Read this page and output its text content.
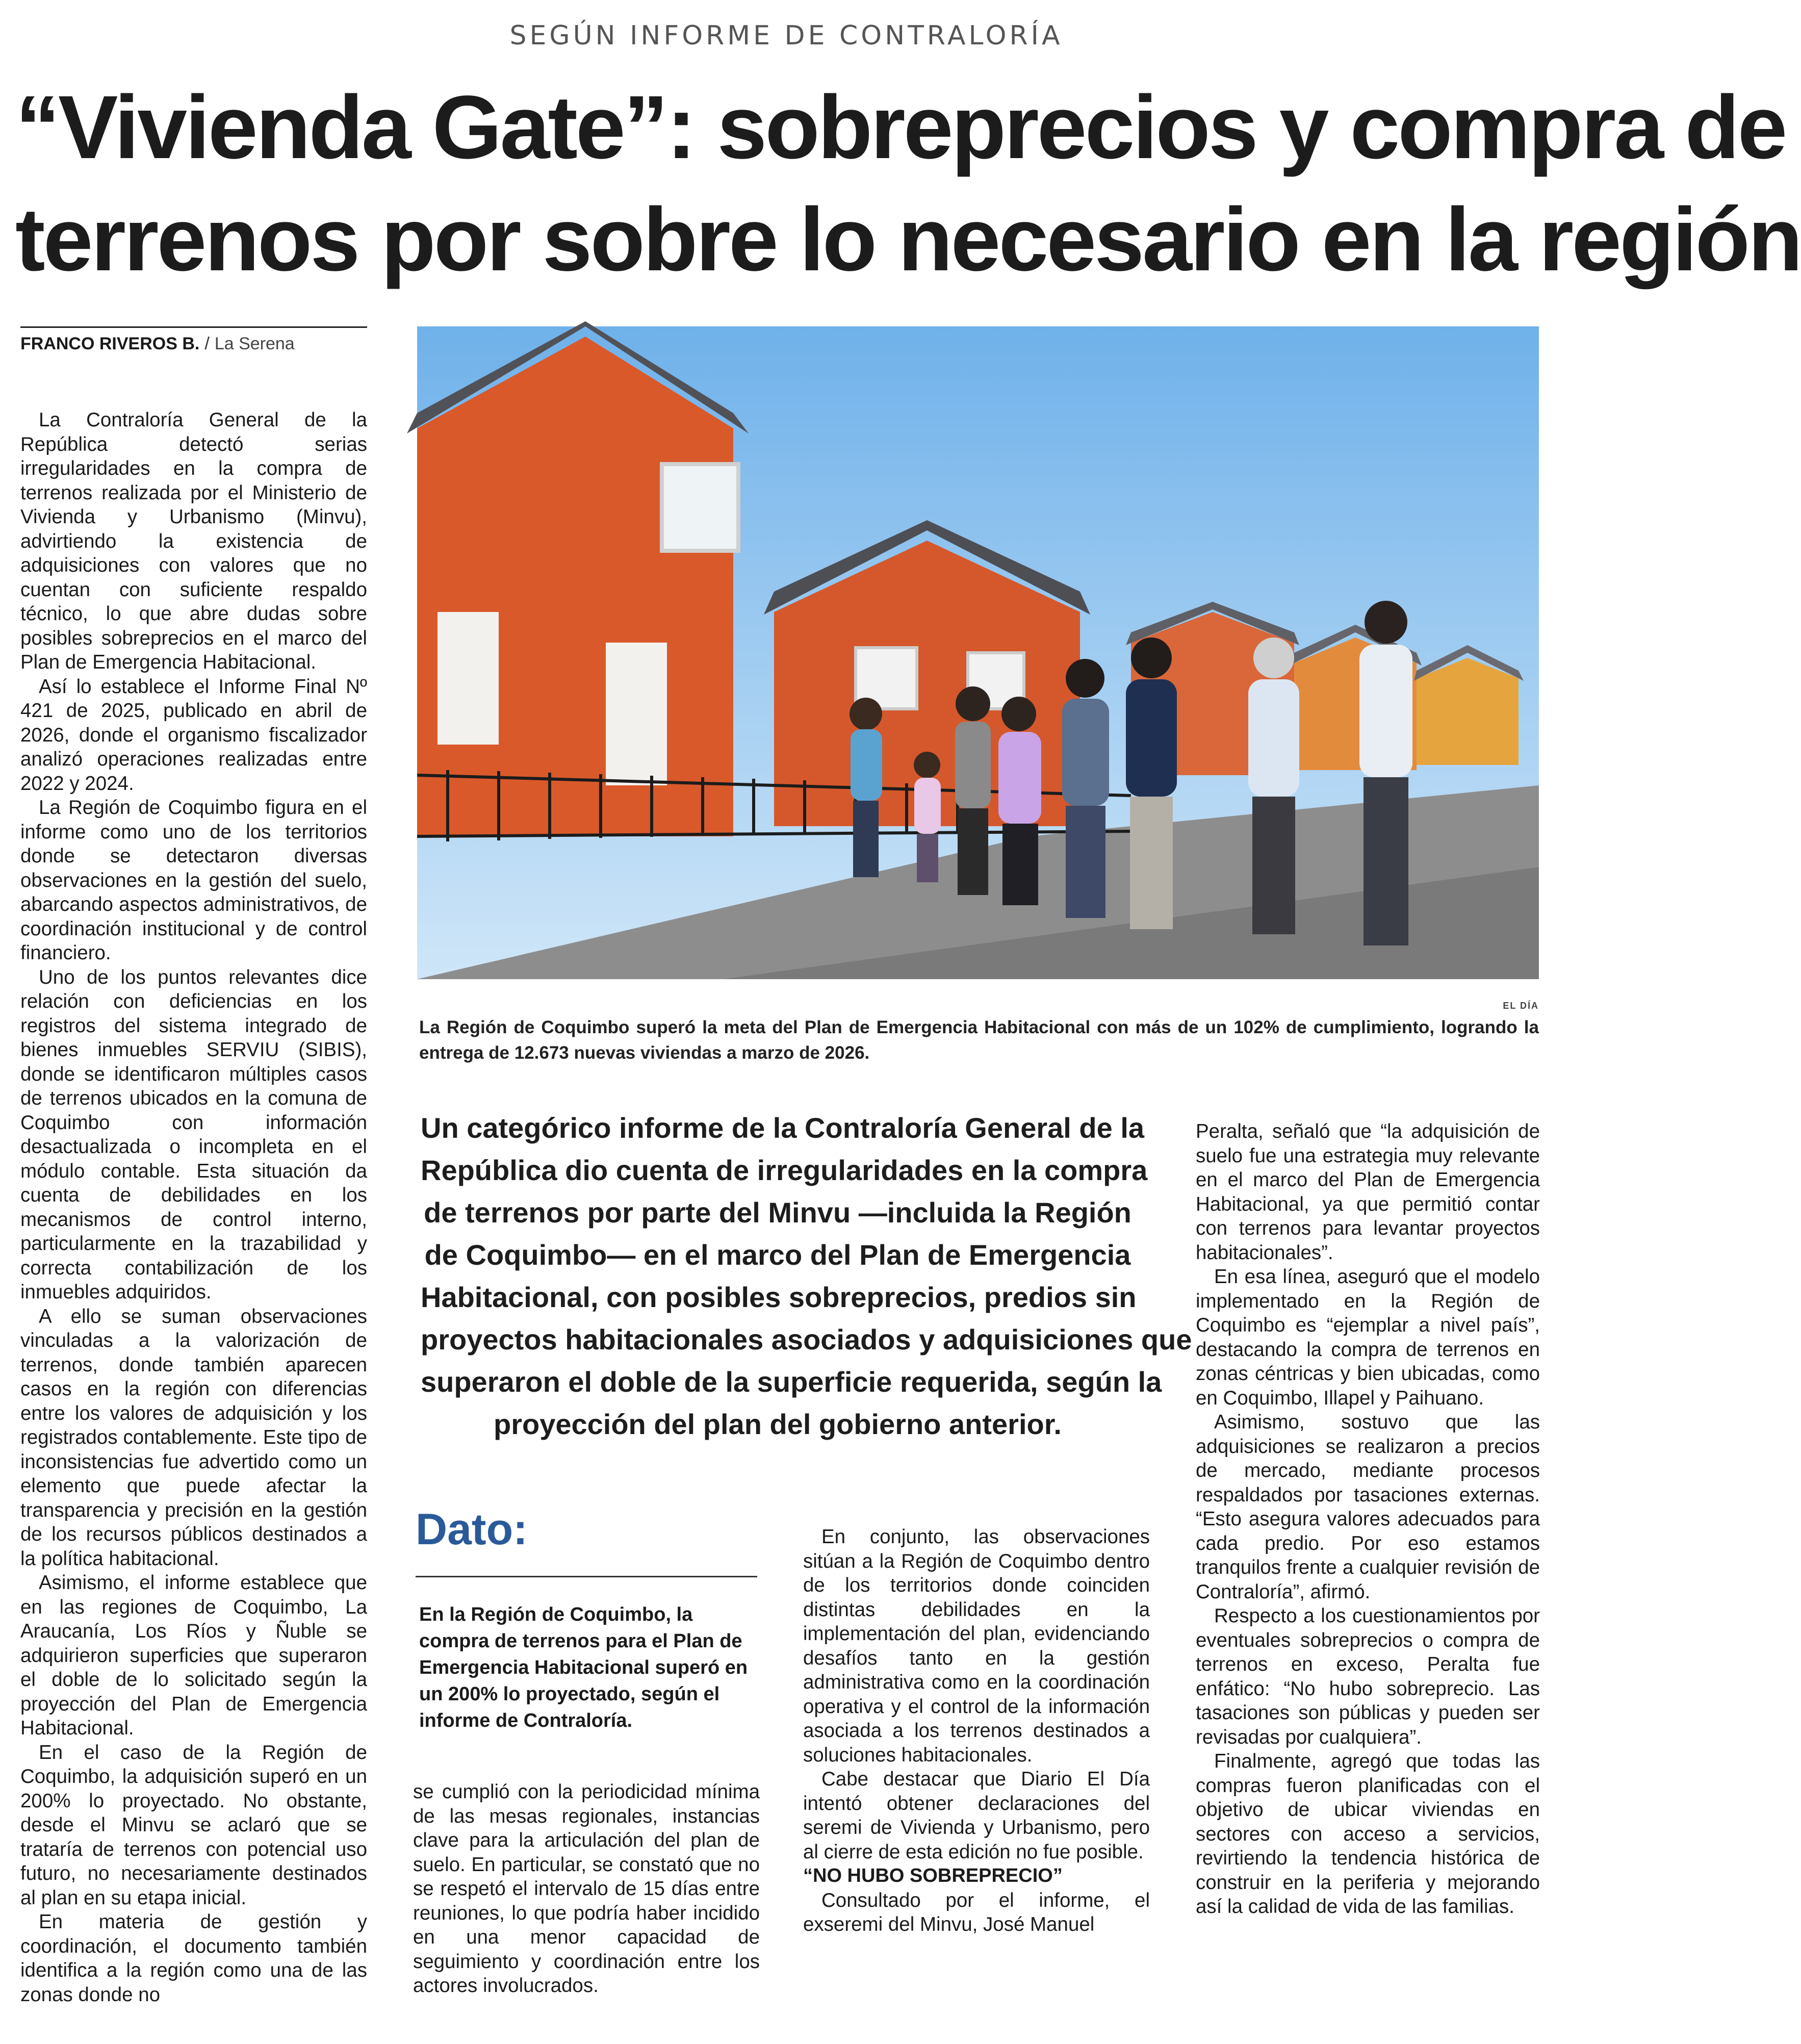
SEGÚN INFORME DE CONTRALORÍA
“Vivienda Gate”: sobreprecios y compra de
terrenos por sobre lo necesario en la región
FRANCO RIVEROS B. / La Serena

La Contraloría General de la República detectó serias irregularidades en la compra de terrenos realizada por el Ministerio de Vivienda y Urbanismo (Minvu), advirtiendo la existencia de adquisiciones con valores que no cuentan con suficiente respaldo técnico, lo que abre dudas sobre posibles sobreprecios en el marco del Plan de Emergencia Habitacional.

Así lo establece el Informe Final Nº 421 de 2025, publicado en abril de 2026, donde el organismo fiscalizador analizó operaciones realizadas entre 2022 y 2024.

La Región de Coquimbo figura en el informe como uno de los territorios donde se detectaron diversas observaciones en la gestión del suelo, abarcando aspectos administrativos, de coordinación institucional y de control financiero.

Uno de los puntos relevantes dice relación con deficiencias en los registros del sistema integrado de bienes inmuebles SERVIU (SIBIS), donde se identificaron múltiples casos de terrenos ubicados en la comuna de Coquimbo con información desactualizada o incompleta en el módulo contable. Esta situación da cuenta de debilidades en los mecanismos de control interno, particularmente en la trazabilidad y correcta contabilización de los inmuebles adquiridos.

A ello se suman observaciones vinculadas a la valorización de terrenos, donde también aparecen casos en la región con diferencias entre los valores de adquisición y los registrados contablemente. Este tipo de inconsistencias fue advertido como un elemento que puede afectar la transparencia y precisión en la gestión de los recursos públicos destinados a la política habitacional.

Asimismo, el informe establece que en las regiones de Coquimbo, La Araucanía, Los Ríos y Ñuble se adquirieron superficies que superaron el doble de lo solicitado según la proyección del Plan de Emergencia Habitacional.

En el caso de la Región de Coquimbo, la adquisición superó en un 200% lo proyectado. No obstante, desde el Minvu se aclaró que se trataría de terrenos con potencial uso futuro, no necesariamente destinados al plan en su etapa inicial.

En materia de gestión y coordinación, el documento también identifica a la región como una de las zonas donde no

EL DÍA
La Región de Coquimbo superó la meta del Plan de Emergencia Habitacional con más de un 102% de cumplimiento, logrando la entrega de 12.673 nuevas viviendas a marzo de 2026.
Un categórico informe de la Contraloría General de la
República dio cuenta de irregularidades en la compra
de terrenos por parte del Minvu —incluida la Región
de Coquimbo— en el marco del Plan de Emergencia
Habitacional, con posibles sobreprecios, predios sin
proyectos habitacionales asociados y adquisiciones que
superaron el doble de la superficie requerida, según la
proyección del plan del gobierno anterior.
Dato:
En la Región de Coquimbo, la compra de terrenos para el Plan de Emergencia Habitacional superó en un 200% lo proyectado, según el informe de Contraloría.

se cumplió con la periodicidad mínima de las mesas regionales, instancias clave para la articulación del plan de suelo. En particular, se constató que no se respetó el intervalo de 15 días entre reuniones, lo que podría haber incidido en una menor capacidad de seguimiento y coordinación entre los actores involucrados.

En conjunto, las observaciones sitúan a la Región de Coquimbo dentro de los territorios donde coinciden distintas debilidades en la implementación del plan, evidenciando desafíos tanto en la gestión administrativa como en la coordinación operativa y el control de la información asociada a los terrenos destinados a soluciones habitacionales.

Cabe destacar que Diario El Día intentó obtener declaraciones del seremi de Vivienda y Urbanismo, pero al cierre de esta edición no fue posible.

“NO HUBO SOBREPRECIO”

Consultado por el informe, el exseremi del Minvu, José Manuel

Peralta, señaló que “la adquisición de suelo fue una estrategia muy relevante en el marco del Plan de Emergencia Habitacional, ya que permitió contar con terrenos para levantar proyectos habitacionales”.

En esa línea, aseguró que el modelo implementado en la Región de Coquimbo es “ejemplar a nivel país”, destacando la compra de terrenos en zonas céntricas y bien ubicadas, como en Coquimbo, Illapel y Paihuano.

Asimismo, sostuvo que las adquisiciones se realizaron a precios de mercado, mediante procesos respaldados por tasaciones externas. “Esto asegura valores adecuados para cada predio. Por eso estamos tranquilos frente a cualquier revisión de Contraloría”, afirmó.

Respecto a los cuestionamientos por eventuales sobreprecios o compra de terrenos en exceso, Peralta fue enfático: “No hubo sobreprecio. Las tasaciones son públicas y pueden ser revisadas por cualquiera”.

Finalmente, agregó que todas las compras fueron planificadas con el objetivo de ubicar viviendas en sectores con acceso a servicios, revirtiendo la tendencia histórica de construir en la periferia y mejorando así la calidad de vida de las familias.
